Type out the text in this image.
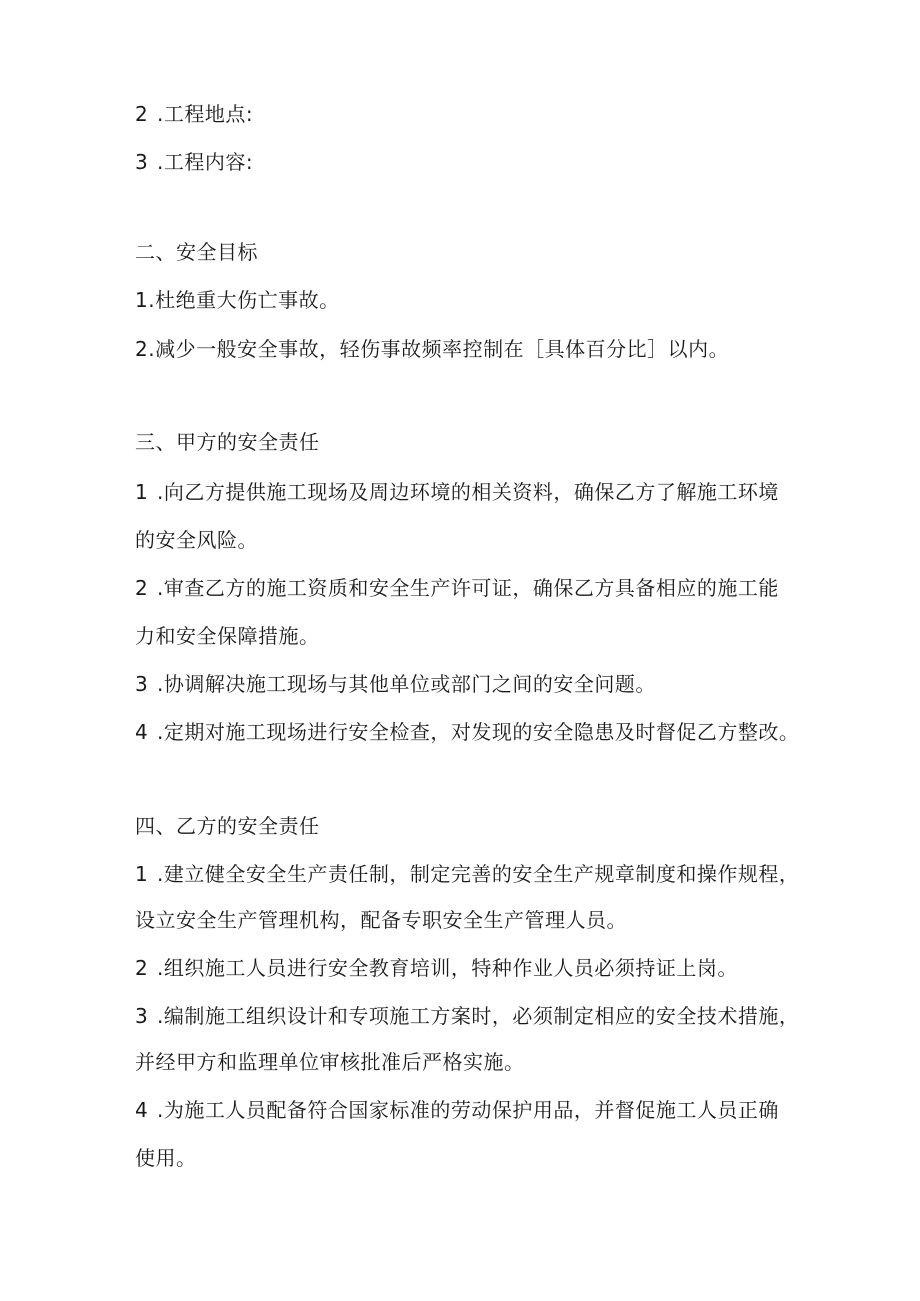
2 .工程地点:
3 .工程内容:
二、安全目标
1.杜绝重大伤亡事故。
2.减少一般安全事故，轻伤事故频率控制在［具体百分比］以内。
三、甲方的安全责任
1 .向乙方提供施工现场及周边环境的相关资料，确保乙方了解施工环境
的安全风险。
2 .审查乙方的施工资质和安全生产许可证，确保乙方具备相应的施工能
力和安全保障措施。
3 .协调解决施工现场与其他单位或部门之间的安全问题。
4 .定期对施工现场进行安全检查，对发现的安全隐患及时督促乙方整改。
四、乙方的安全责任
1 .建立健全安全生产责任制，制定完善的安全生产规章制度和操作规程，
设立安全生产管理机构，配备专职安全生产管理人员。
2 .组织施工人员进行安全教育培训，特种作业人员必须持证上岗。
3 .编制施工组织设计和专项施工方案时，必须制定相应的安全技术措施，
并经甲方和监理单位审核批准后严格实施。
4 .为施工人员配备符合国家标准的劳动保护用品，并督促施工人员正确
使用。
